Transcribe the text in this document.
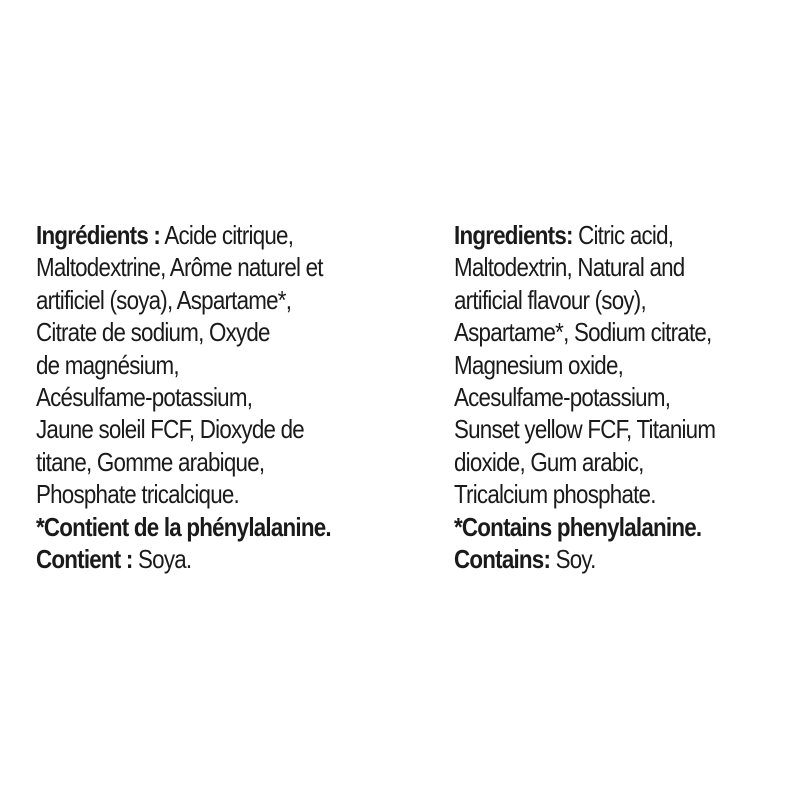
Ingrédients : Acide citrique,
Maltodextrine, Arôme naturel et
artificiel (soya), Aspartame*,
Citrate de sodium, Oxyde
de magnésium,
Acésulfame-potassium,
Jaune soleil FCF, Dioxyde de
titane, Gomme arabique,
Phosphate tricalcique.
*Contient de la phénylalanine.
Contient : Soya.
Ingredients: Citric acid,
Maltodextrin, Natural and
artificial flavour (soy),
Aspartame*, Sodium citrate,
Magnesium oxide,
Acesulfame-potassium,
Sunset yellow FCF, Titanium
dioxide, Gum arabic,
Tricalcium phosphate.
*Contains phenylalanine.
Contains: Soy.
